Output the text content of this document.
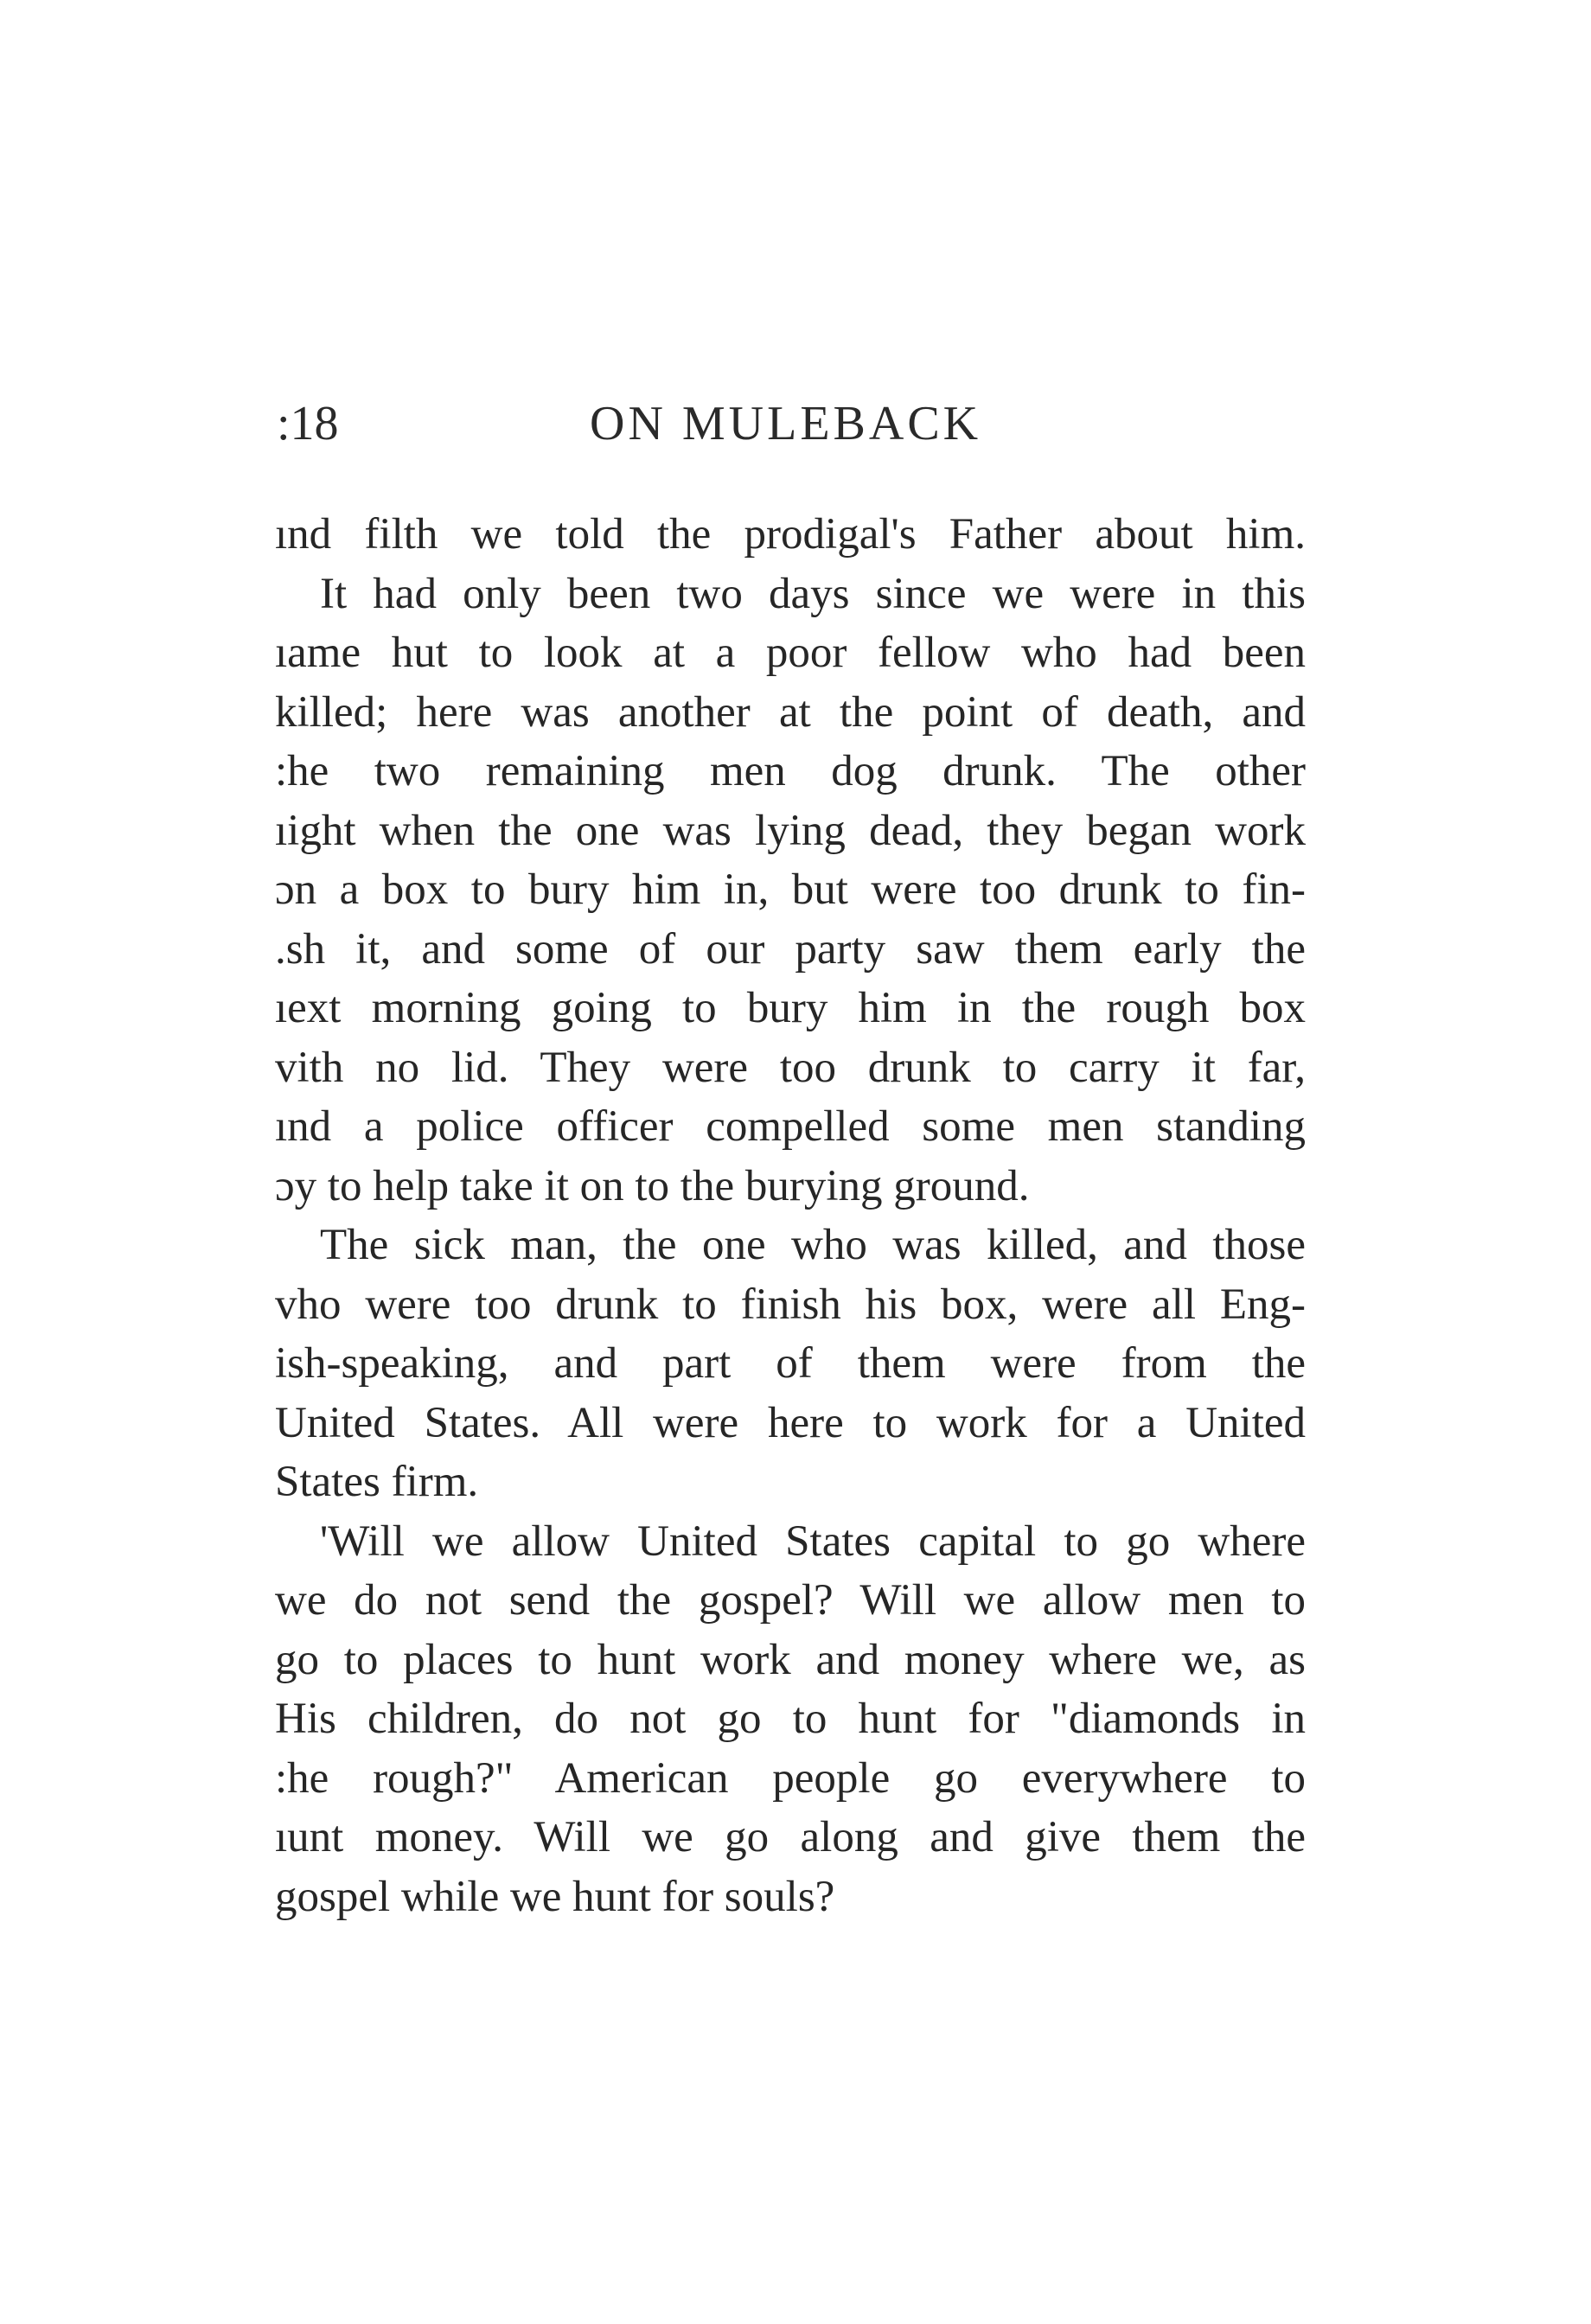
:18	ON MULEBACK
ınd filth we told the prodigal's Father about him.
It had only been two days since we were in this
ıame hut to look at a poor fellow who had been
killed; here was another at the point of death, and
:he two remaining men dog drunk. The other
ıight when the one was lying dead, they began work
ɔn a box to bury him in, but were too drunk to fin-
.sh it, and some of our party saw them early the
ıext morning going to bury him in the rough box
vith no lid. They were too drunk to carry it far,
ınd a police officer compelled some men standing
ɔy to help take it on to the burying ground.
The sick man, the one who was killed, and those
vho were too drunk to finish his box, were all Eng-
ish-speaking, and part of them were from the
United States. All were here to work for a United
States firm.
'Will we allow United States capital to go where
we do not send the gospel? Will we allow men to
go to places to hunt work and money where we, as
His children, do not go to hunt for "diamonds in
:he rough?" American people go everywhere to
ıunt money. Will we go along and give them the
gospel while we hunt for souls?
